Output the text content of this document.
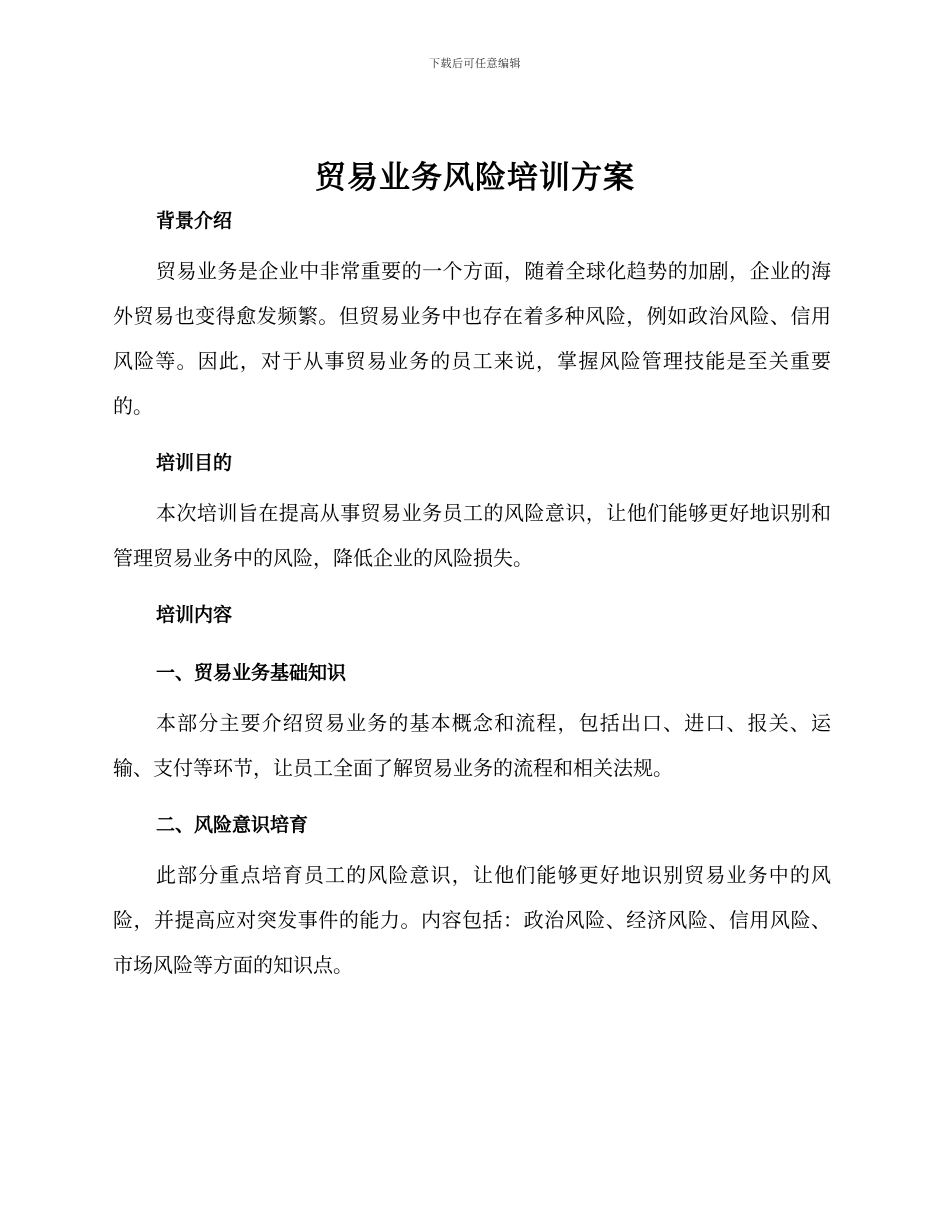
下载后可任意编辑
贸易业务风险培训方案
背景介绍

贸易业务是企业中非常重要的一个方面，随着全球化趋势的加剧，企业的海外贸易也变得愈发频繁。但贸易业务中也存在着多种风险，例如政治风险、信用风险等。因此，对于从事贸易业务的员工来说，掌握风险管理技能是至关重要的。

培训目的

本次培训旨在提高从事贸易业务员工的风险意识，让他们能够更好地识别和管理贸易业务中的风险，降低企业的风险损失。

培训内容
一、贸易业务基础知识

本部分主要介绍贸易业务的基本概念和流程，包括出口、进口、报关、运输、支付等环节，让员工全面了解贸易业务的流程和相关法规。

二、风险意识培育

此部分重点培育员工的风险意识，让他们能够更好地识别贸易业务中的风险，并提高应对突发事件的能力。内容包括：政治风险、经济风险、信用风险、市场风险等方面的知识点。
